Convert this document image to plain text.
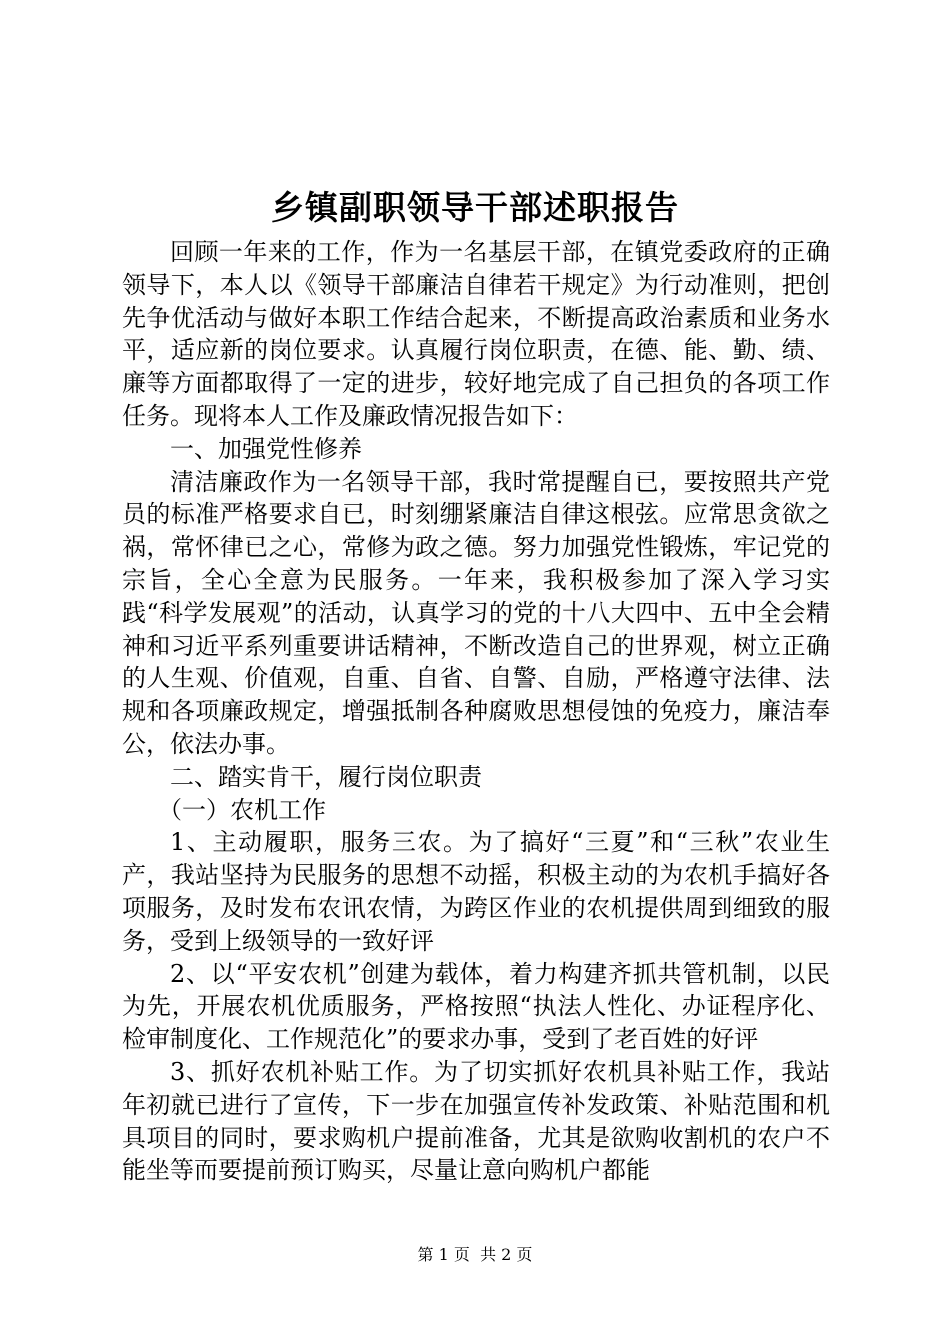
乡镇副职领导干部述职报告

回顾一年来的工作，作为一名基层干部，在镇党委政府的正确领导下，本人以《领导干部廉洁自律若干规定》为行动准则，把创先争优活动与做好本职工作结合起来，不断提高政治素质和业务水平，适应新的岗位要求。认真履行岗位职责，在德、能、勤、绩、廉等方面都取得了一定的进步，较好地完成了自己担负的各项工作任务。现将本人工作及廉政情况报告如下：

一、加强党性修养

清洁廉政作为一名领导干部，我时常提醒自已，要按照共产党员的标准严格要求自已，时刻绷紧廉洁自律这根弦。应常思贪欲之祸，常怀律已之心，常修为政之德。努力加强党性锻炼，牢记党的宗旨，全心全意为民服务。一年来，我积极参加了深入学习实践“科学发展观”的活动，认真学习的党的十八大四中、五中全会精神和习近平系列重要讲话精神，不断改造自己的世界观，树立正确的人生观、价值观，自重、自省、自警、自励，严格遵守法律、法规和各项廉政规定，增强抵制各种腐败思想侵蚀的免疫力，廉洁奉公，依法办事。

二、踏实肯干，履行岗位职责

（一）农机工作

1、主动履职，服务三农。为了搞好“三夏”和“三秋”农业生产，我站坚持为民服务的思想不动摇，积极主动的为农机手搞好各项服务，及时发布农讯农情，为跨区作业的农机提供周到细致的服务，受到上级领导的一致好评

2、以“平安农机”创建为载体，着力构建齐抓共管机制，以民为先，开展农机优质服务，严格按照“执法人性化、办证程序化、检审制度化、工作规范化”的要求办事，受到了老百姓的好评

3、抓好农机补贴工作。为了切实抓好农机具补贴工作，我站年初就已进行了宣传，下一步在加强宣传补发政策、补贴范围和机具项目的同时，要求购机户提前准备，尤其是欲购收割机的农户不能坐等而要提前预订购买，尽量让意向购机户都能

第 1 页  共 2 页
